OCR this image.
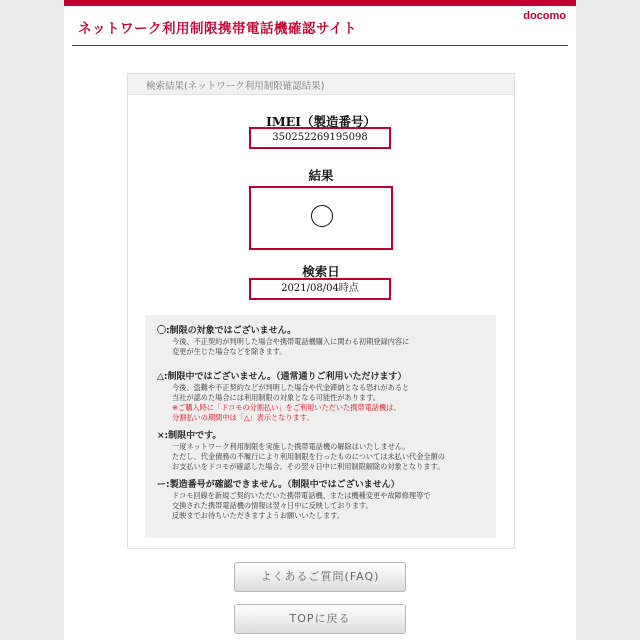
ネットワーク利用制限携帯電話機確認サイト
docomo
検索結果(ネットワーク利用制限確認結果)
IMEI（製造番号）
350252269195098
結果
検索日
2021/08/04時点
〇:制限の対象ではございません。
今後、不正契約が判明した場合や携帯電話機購入に関わる初期登録内容に
変更が生じた場合などを除きます。
△:制限中ではございません。（通常通りご利用いただけます）
今後、盗難や不正契約などが判明した場合や代金滞納となる恐れがあると
当社が認めた場合には利用制限の対象となる可能性があります。
※ご購入時に「ドコモの分割払い」をご利用いただいた携帯電話機は、
分割払いの期間中は「△」表示となります。
×:制限中です。
一度ネットワーク利用制限を実施した携帯電話機の解除はいたしません。
ただし、代金債務の不履行により利用制限を行ったものについては未払い代金全額の
お支払いをドコモが確認した場合、その翌々日中に利用制限解除の対象となります。
ー:製造番号が確認できません。（制限中ではございません）
ドコモ回線を新規ご契約いただいた携帯電話機、または機種変更や故障修理等で
交換された携帯電話機の情報は翌々日中に反映しております。
反映までお待ちいただきますようお願いいたします。
よくあるご質問(FAQ)
TOPに戻る
